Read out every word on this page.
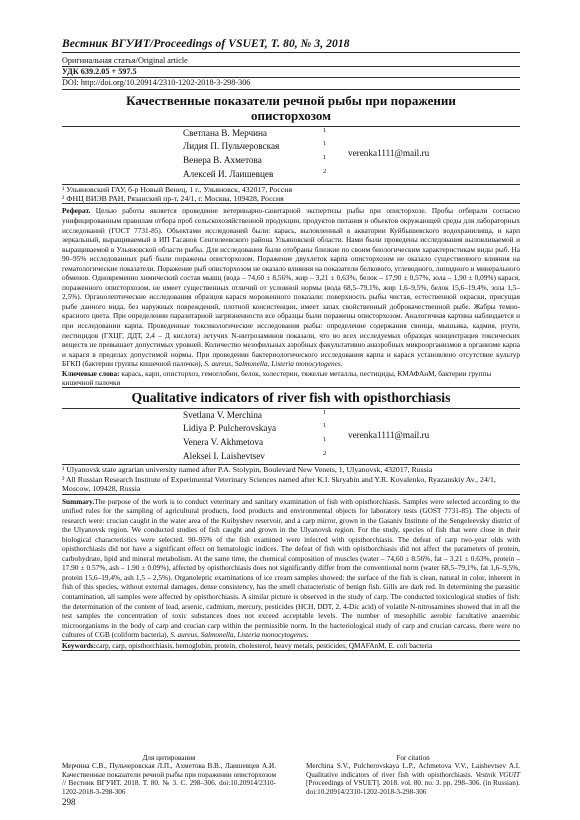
Вестник ВГУИТ/Proceedings of VSUET, Т. 80, № 3, 2018
Оригинальная статья/Original article
УДК 639.2.05 + 597.5
DOI: http://doi.org/10.20914/2310-1202-2018-3-298-306
Качественные показатели речной рыбы при поражении
описторхозом
Светлана В. Мерчина	1
Лидия П. Пульчеровская	1
Венера В. Ахметова	1
Алексей И. Лаишевцев	2
verenka1111@mail.ru
¹ Ульяновский ГАУ, б-р Новый Венец, 1 г., Ульяновск, 432017, Россия
² ФНЦ ВИЭВ РАН, Рязанский пр-т, 24/1, г. Москва, 109428, Россия
Реферат. Целью работы является проведение ветеринарно-санитарной экспертизы рыбы при описторхозе. Пробы отбирали согласно унифицированным правилам отбора проб сельскохозяйственной продукции, продуктов питания и объектов окружающей среды для лабораторных исследований (ГОСТ 7731-85). Объектами исследований были: карась, выловленный в акватории Куйбышевского водохранилища, и карп зеркальный, выращиваемый в ИП Гасанов Сенгилеевского района Ульяновской области. Нами были проведены исследования выловливаемой и выращиваемой в Ульяновской области рыбы. Для исследования были отобраны близкие по своим биологическим характеристикам виды рыб. На 90–95% исследованных рыб были поражены описторхозом. Поражение двухлеток карпа описторхозом не оказало существенного влияния на гематологические показатели. Поражение рыб описторхозом не оказало влияния на показатели белкового, углеводного, липидного и минерального обменов. Одновременно химический состав мышц (вода – 74,60 ± 8,56%, жир – 3,21 ± 0,63%, белок – 17,90 ± 0,57%, зола – 1,90 ± 0,09%) карася, пораженного описторхозом, не имеет существенных отличий от условной нормы (вода 68,5–79,1%, жир 1,6–9,5%, белок 15,6–19,4%, зола 1,5–2,5%). Органолептические исследования образцов карася мороженного показали: поверхность рыбы чистая, естественной окраски, присущая рыбе данного вида, без наружных повреждений, плотной консистенции, имеет запах свойственный доброкачественной рыбе. Жабры темно-красного цвета. При определении паразитарной загрязненности все образцы были поражены описторхозом. Аналогичная картина наблюдается и при исследовании карпа. Проведенные токсикологические исследования рыбы: определение содержания свинца, мышьяка, кадмия, ртути, пестицидов (ГХЦГ, ДДТ, 2,4 – Д кислота) летучих N-нитрозаминов показали, что во всех исследуемых образцах концентрация токсических веществ не превышает допустимых уровней. Количество мезофильных аэробных факультативно анаэробных микроорганизмов в организме карпа и карася в пределах допустимой нормы. При проведении бактериологического исследования карпа и карася установлено отсутствие культур БГКП (бактерии группы кишечной палочки), S. aureus, Salmonella, Listeria monocytogenes.
Ключевые слова: карась, карп, описторхоз, гемоглобин, белок, холестерин, тяжелые металлы, пестициды, КМАФАнМ, бактерии группы кишечной палочки
Qualitative indicators of river fish with opisthorchiasis
Svetlana V. Merchina	1
Lidiya P. Pulcherovskaya	1
Venera V. Akhmetova	1
Aleksei I. Laishevtsev	2
verenka1111@mail.ru
¹ Ulyanovsk state agrarian university named after P.A. Stolypin, Boulevard New Venets, 1, Ulyanovsk, 432017, Russia
² All Russian Research Institute of Experimental Veterinary Sciences named after K.I. Skryabin and Y.R. Kovalenko, Ryazanskiy Av., 24/1, Moscow, 109428, Russia
Summary.The purpose of the work is to conduct veterinary and sanitary examination of fish with opisthorchiasis. Samples were selected according to the unified rules for the sampling of agricultural products, food products and environmental objects for laboratory tests (GOST 7731-85). The objects of research were: crucian caught in the water area of the Kuibyshev reservoir, and a carp mirror, grown in the Gasaniv Institute of the Sengeleevsky district of the Ulyanovsk region. We conducted studies of fish caught and grown in the Ulyanovsk region. For the study, species of fish that were close in their biological characteristics were selected. 90–95% of the fish examined were infected with opisthorchiasis. The defeat of carp two-year olds with opisthorchiasis did not have a significant effect on hematologic indices. The defeat of fish with opisthorchiasis did not affect the parameters of protein, carbohydrate, lipid and mineral metabolism. At the same time, the chemical composition of muscles (water – 74,60 ± 8.56%, fat – 3.21 ± 0.63%, protein – 17.90 ± 0.57%, ash – 1.90 ± 0.09%), affected by opisthorchiasis does not significantly differ from the conventional norm (water 68,5–79,1%, fat 1,6–9,5%, protein 15,6–19,4%, ash 1,5 – 2,5%). Organoleptic examinations of ice cream samples showed: the surface of the fish is clean, natural in color, inherent in fish of this species, without external damages, dense consistency, has the smell characteristic of benign fish. Gills are dark red. In determining the parasitic contamination, all samples were affected by opisthorchiasis. A similar picture is observed in the study of carp. The conducted toxicological studies of fish: the determination of the content of lead, arsenic, cadmium, mercury, pesticides (HCH, DDT, 2, 4-Dic acid) of volatile N-nitrosamines showed that in all the test samples the concentration of toxic substances does not exceed acceptable levels. The number of mesophilic aerobic facultative anaerobic microorganisms in the body of carp and crucian carp within the permissible norm. In the bacteriological study of carp and crucian carcass, there were no cultures of CGB (coliform bacteria), S. aureus, Salmonella, Listeria monocytogenes.
Keywords:carp, carp, opisthorchiasis, hemoglobin, protein, cholesterol, heavy metals, pesticides, QMAFAnM, E. coli bacteria
Для цитирования
Мерчина С.В., Пульчеровская Л.П., Ахметова В.В., Лаишевцев А.И. Качественные показатели речной рыбы при поражении описторхозом // Вестник ВГУИТ. 2018. Т. 80. № 3. С. 298–306. doi:10.20914/2310-1202-2018-3-298-306
For citation
Merchina S.V., Pulcherovskaya L.P., Achmetova V.V., Laishevtsev A.I. Qualitative indicators of river fish with opisthorchiasis. Vestnik VGUIT [Proceedings of VSUET]. 2018. vol. 80. no. 3. pp. 298–306. (in Russian). doi:10.20914/2310-1202-2018-3-298-306
298
